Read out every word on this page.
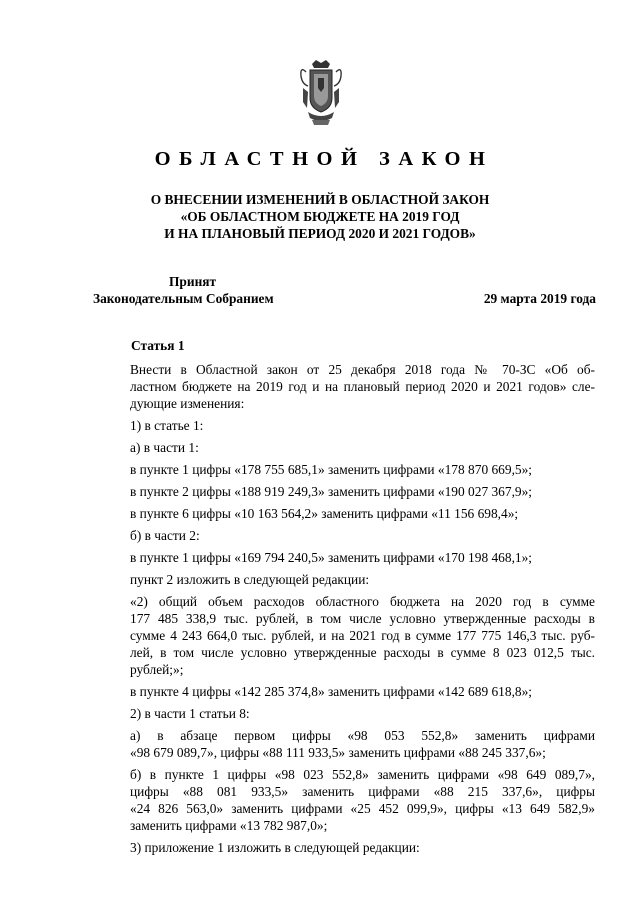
ОБЛАСТНОЙ ЗАКОН
О ВНЕСЕНИИ ИЗМЕНЕНИЙ В ОБЛАСТНОЙ ЗАКОН
«ОБ ОБЛАСТНОМ БЮДЖЕТЕ НА 2019 ГОД
И НА ПЛАНОВЫЙ ПЕРИОД 2020 И 2021 ГОДОВ»
Принят
Законодательным Собранием	29 марта 2019 года
Статья 1
Внести в Областной закон от 25 декабря 2018 года № 70-ЗС «Об об-
ластном бюджете на 2019 год и на плановый период 2020 и 2021 годов» сле-
дующие изменения:
1) в статье 1:
а) в части 1:
в пункте 1 цифры «178 755 685,1» заменить цифрами «178 870 669,5»;
в пункте 2 цифры «188 919 249,3» заменить цифрами «190 027 367,9»;
в пункте 6 цифры «10 163 564,2» заменить цифрами «11 156 698,4»;
б) в части 2:
в пункте 1 цифры «169 794 240,5» заменить цифрами «170 198 468,1»;
пункт 2 изложить в следующей редакции:
«2) общий объем расходов областного бюджета на 2020 год в сумме
177 485 338,9 тыс. рублей, в том числе условно утвержденные расходы в
сумме 4 243 664,0 тыс. рублей, и на 2021 год в сумме 177 775 146,3 тыс. руб-
лей, в том числе условно утвержденные расходы в сумме 8 023 012,5 тыс.
рублей;»;
в пункте 4 цифры «142 285 374,8» заменить цифрами «142 689 618,8»;
2) в части 1 статьи 8:
а) в абзаце первом цифры «98 053 552,8» заменить цифрами
«98 679 089,7», цифры «88 111 933,5» заменить цифрами «88 245 337,6»;
б) в пункте 1 цифры «98 023 552,8» заменить цифрами «98 649 089,7»,
цифры «88 081 933,5» заменить цифрами «88 215 337,6», цифры
«24 826 563,0» заменить цифрами «25 452 099,9», цифры «13 649 582,9»
заменить цифрами «13 782 987,0»;
3) приложение 1 изложить в следующей редакции:
